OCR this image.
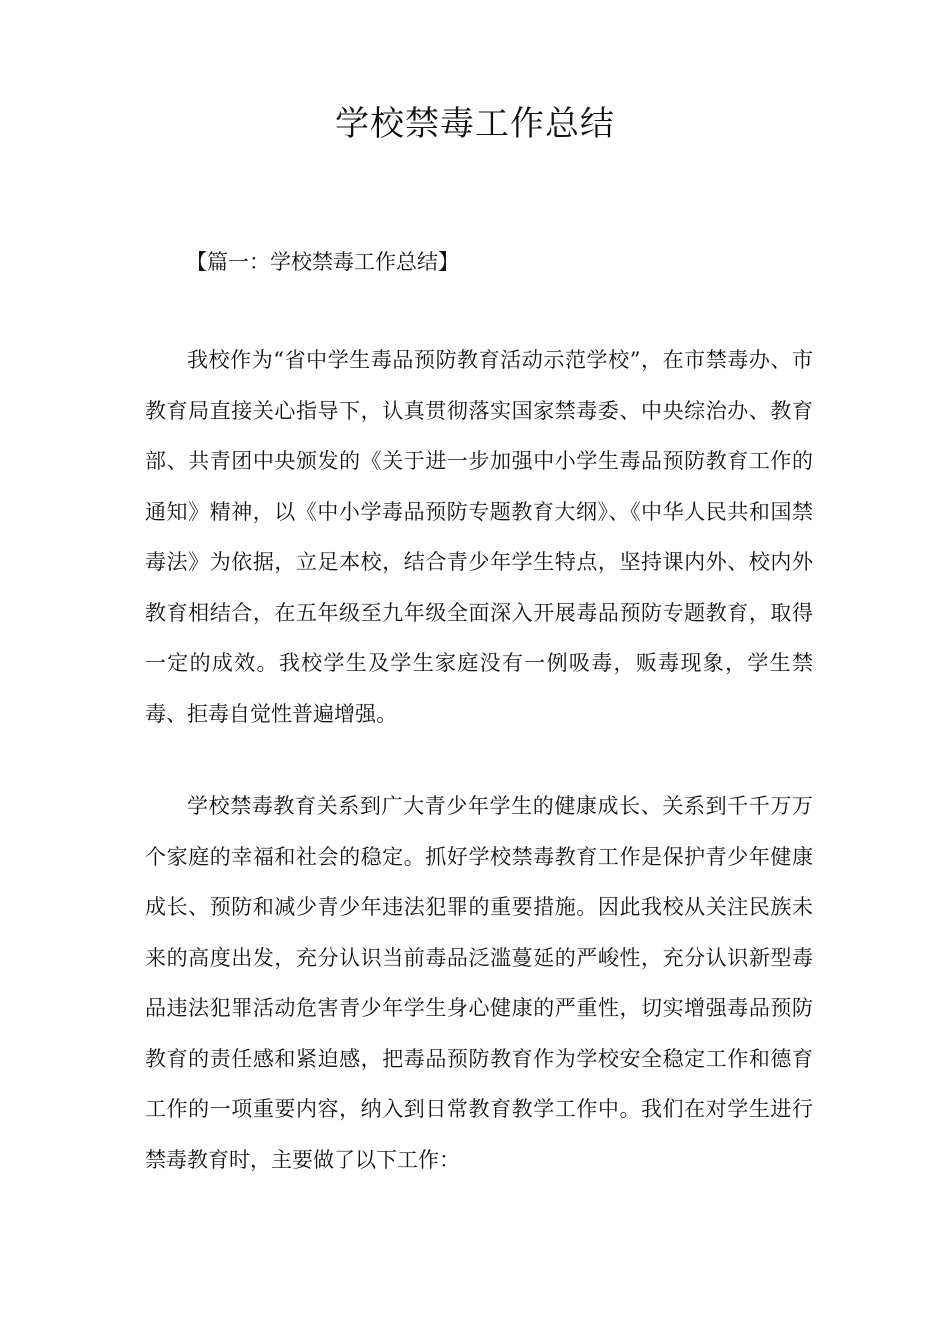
学校禁毒工作总结

【篇一：学校禁毒工作总结】

我校作为“省中学生毒品预防教育活动示范学校”，在市禁毒办、市教育局直接关心指导下，认真贯彻落实国家禁毒委、中央综治办、教育部、共青团中央颁发的《关于进一步加强中小学生毒品预防教育工作的通知》精神，以《中小学毒品预防专题教育大纲》、《中华人民共和国禁毒法》为依据，立足本校，结合青少年学生特点，坚持课内外、校内外教育相结合，在五年级至九年级全面深入开展毒品预防专题教育，取得一定的成效。我校学生及学生家庭没有一例吸毒，贩毒现象，学生禁毒、拒毒自觉性普遍增强。

学校禁毒教育关系到广大青少年学生的健康成长、关系到千千万万个家庭的幸福和社会的稳定。抓好学校禁毒教育工作是保护青少年健康成长、预防和减少青少年违法犯罪的重要措施。因此我校从关注民族未来的高度出发，充分认识当前毒品泛滥蔓延的严峻性，充分认识新型毒品违法犯罪活动危害青少年学生身心健康的严重性，切实增强毒品预防教育的责任感和紧迫感，把毒品预防教育作为学校安全稳定工作和德育工作的一项重要内容，纳入到日常教育教学工作中。我们在对学生进行禁毒教育时，主要做了以下工作：
